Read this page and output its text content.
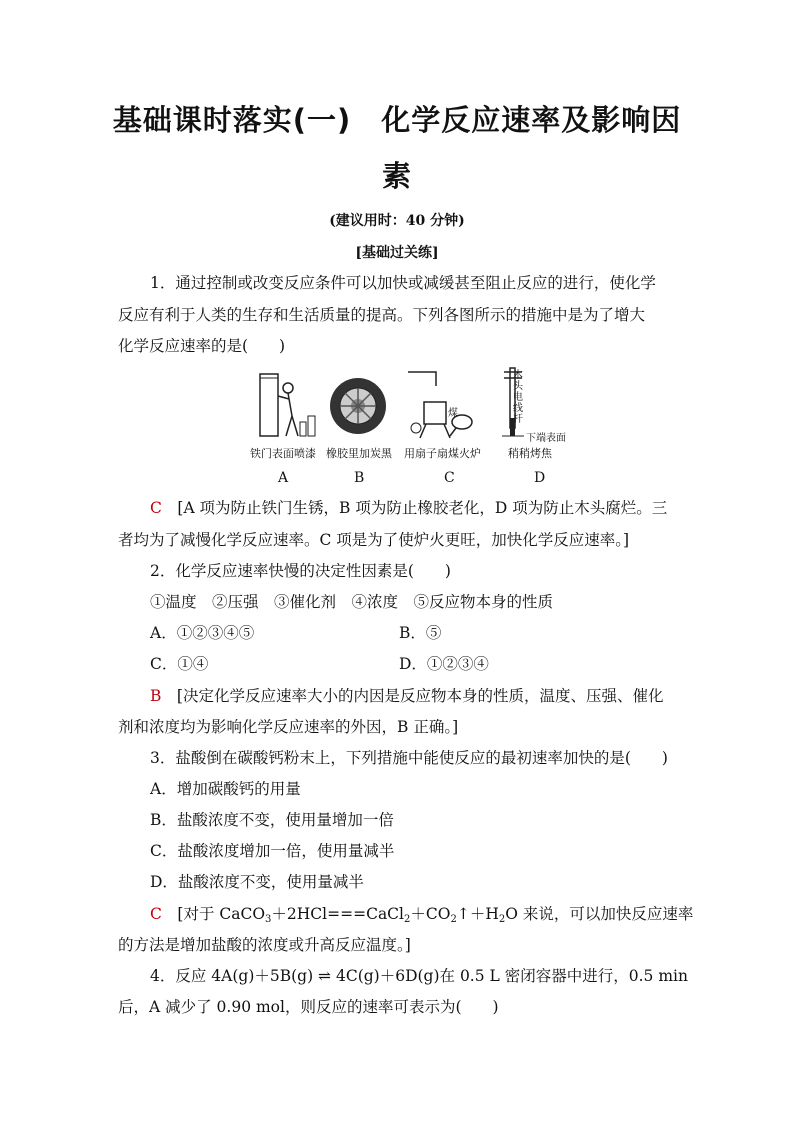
基础课时落实(一)　化学反应速率及影响因
素
(建议用时：40 分钟)
[基础过关练]
1．通过控制或改变反应条件可以加快或减缓甚至阻止反应的进行，使化学
反应有利于人类的生存和生活质量的提高。下列各图所示的措施中是为了增大
化学反应速率的是(　　)
铁门表面喷漆
A
橡胶里加炭黑
B
煤
用扇子扇煤火炉
C
木
头
电
线
杆
下端表面
稍稍烤焦
D
C　 [A 项为防止铁门生锈，B 项为防止橡胶老化，D 项为防止木头腐烂。三
者均为了减慢化学反应速率。C 项是为了使炉火更旺，加快化学反应速率。]
2．化学反应速率快慢的决定性因素是(　　)
①温度　②压强　③催化剂　④浓度　⑤反应物本身的性质
A．①②③④⑤	B．⑤
C．①④	D．①②③④
B　 [决定化学反应速率大小的内因是反应物本身的性质，温度、压强、催化
剂和浓度均为影响化学反应速率的外因，B 正确。]
3．盐酸倒在碳酸钙粉末上，下列措施中能使反应的最初速率加快的是(　　)
A．增加碳酸钙的用量
B．盐酸浓度不变，使用量增加一倍
C．盐酸浓度增加一倍，使用量减半
D．盐酸浓度不变，使用量减半
C　 [对于 $CaCO_3+2HCl===CaCl_2+CO_2↑+H_2O$ 来说，可以加快反应速率
的方法是增加盐酸的浓度或升高反应温度。]
4．反应 4A(g)＋5B(g) ⇌ 4C(g)＋6D(g)在 0.5 L 密闭容器中进行，0.5 min
后，A 减少了 0.90 mol，则反应的速率可表示为(　　)
